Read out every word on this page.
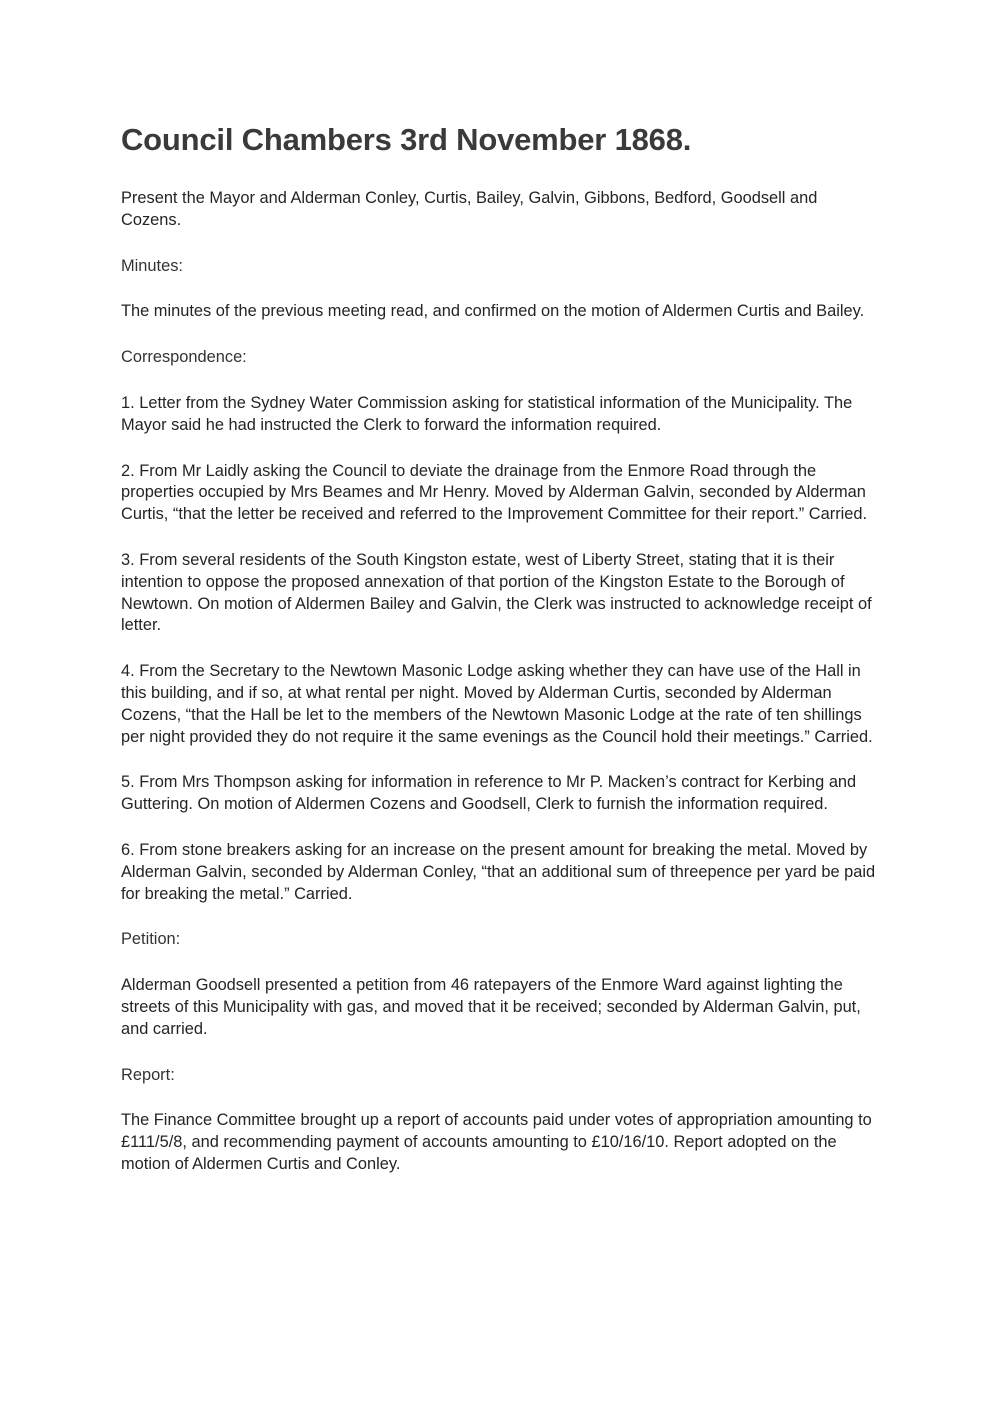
Council Chambers 3rd November 1868.

Present the Mayor and Alderman Conley, Curtis, Bailey, Galvin, Gibbons, Bedford, Goodsell and Cozens.

Minutes:

The minutes of the previous meeting read, and confirmed on the motion of Aldermen Curtis and Bailey.

Correspondence:

1. Letter from the Sydney Water Commission asking for statistical information of the Municipality. The Mayor said he had instructed the Clerk to forward the information required.

2. From Mr Laidly asking the Council to deviate the drainage from the Enmore Road through the properties occupied by Mrs Beames and Mr Henry. Moved by Alderman Galvin, seconded by Alderman Curtis, “that the letter be received and referred to the Improvement Committee for their report.” Carried.

3. From several residents of the South Kingston estate, west of Liberty Street, stating that it is their intention to oppose the proposed annexation of that portion of the Kingston Estate to the Borough of Newtown. On motion of Aldermen Bailey and Galvin, the Clerk was instructed to acknowledge receipt of letter.

4. From the Secretary to the Newtown Masonic Lodge asking whether they can have use of the Hall in this building, and if so, at what rental per night. Moved by Alderman Curtis, seconded by Alderman Cozens, “that the Hall be let to the members of the Newtown Masonic Lodge at the rate of ten shillings per night provided they do not require it the same evenings as the Council hold their meetings.” Carried.

5. From Mrs Thompson asking for information in reference to Mr P. Macken’s contract for Kerbing and Guttering. On motion of Aldermen Cozens and Goodsell, Clerk to furnish the information required.

6. From stone breakers asking for an increase on the present amount for breaking the metal. Moved by Alderman Galvin, seconded by Alderman Conley, “that an additional sum of threepence per yard be paid for breaking the metal.” Carried.

Petition:

Alderman Goodsell presented a petition from 46 ratepayers of the Enmore Ward against lighting the streets of this Municipality with gas, and moved that it be received; seconded by Alderman Galvin, put, and carried.

Report:

The Finance Committee brought up a report of accounts paid under votes of appropriation amounting to £111/5/8, and recommending payment of accounts amounting to £10/16/10. Report adopted on the motion of Aldermen Curtis and Conley.
